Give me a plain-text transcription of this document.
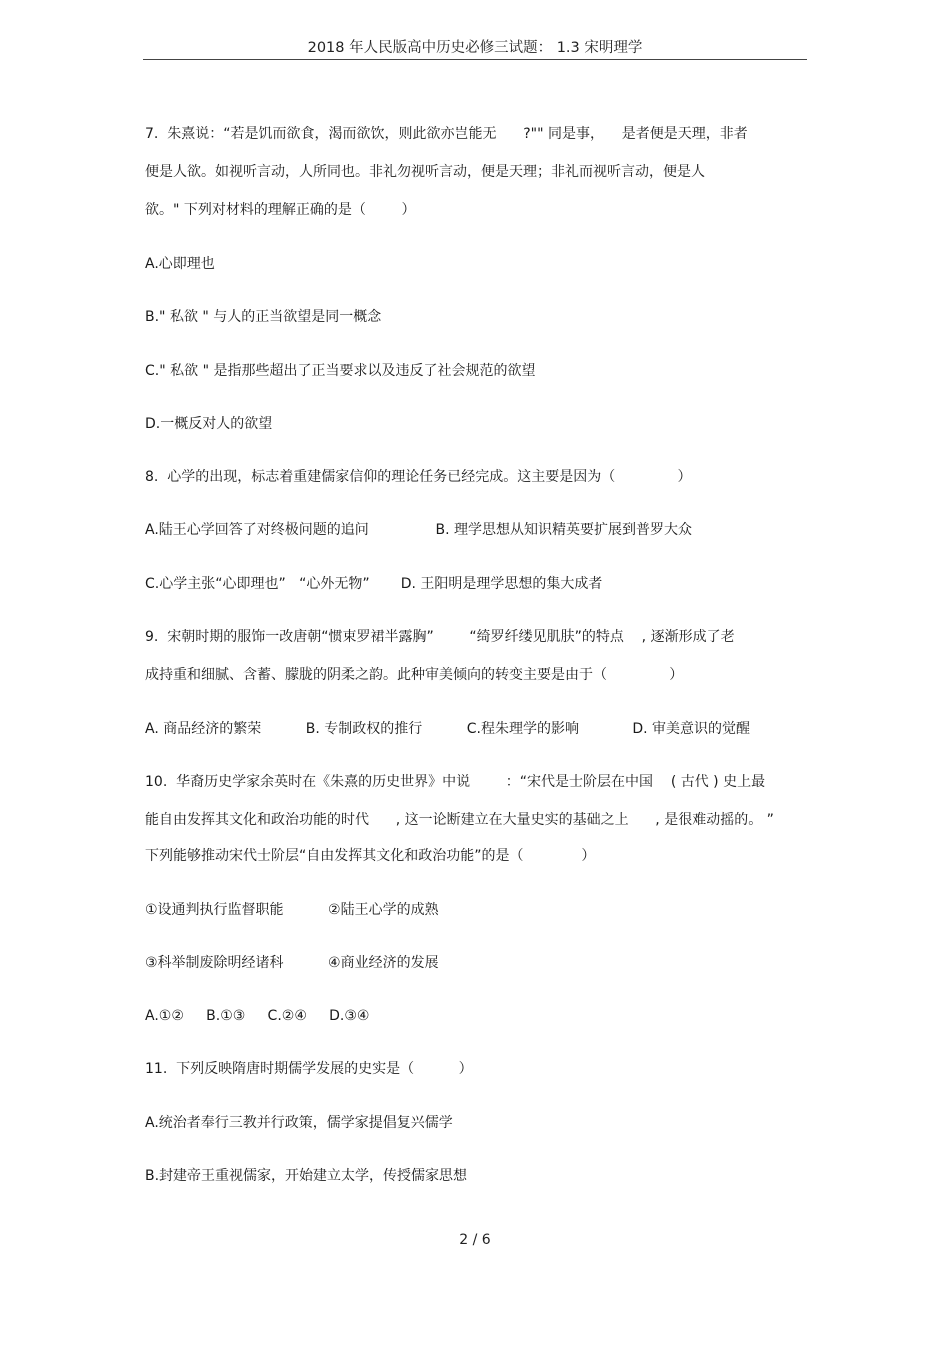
2018 年人民版高中历史必修三试题： 1.3 宋明理学
7.  朱熹说：“若是饥而欲食，渴而欲饮，则此欲亦岂能无      ?"" 同是事，    是者便是天理，非者
便是人欲。如视听言动，人所同也。非礼勿视听言动，便是天理；非礼而视听言动，便是人
欲。" 下列对材料的理解正确的是（        ）
A.心即理也
B." 私欲 " 与人的正当欲望是同一概念
C." 私欲 " 是指那些超出了正当要求以及违反了社会规范的欲望
D.一概反对人的欲望
8.  心学的出现，标志着重建儒家信仰的理论任务已经完成。这主要是因为（              ）
A.陆王心学回答了对终极问题的追问               B. 理学思想从知识精英要扩展到普罗大众
C.心学主张“心即理也”   “心外无物”       D. 王阳明是理学思想的集大成者
9.  宋朝时期的服饰一改唐朝“惯束罗裙半露胸”        “绮罗纤缕见肌肤”的特点    , 逐渐形成了老
成持重和细腻、含蓄、朦胧的阴柔之韵。此种审美倾向的转变主要是由于（              ）
A. 商品经济的繁荣          B. 专制政权的推行          C.程朱理学的影响            D. 审美意识的觉醒
10.  华裔历史学家余英时在《朱熹的历史世界》中说        ：“宋代是士阶层在中国    ( 古代 ) 史上最
能自由发挥其文化和政治功能的时代      , 这一论断建立在大量史实的基础之上      , 是很难动摇的。 ”
下列能够推动宋代士阶层“自由发挥其文化和政治功能”的是（             ）
①设通判执行监督职能          ②陆王心学的成熟
③科举制废除明经诸科          ④商业经济的发展
A.①②     B.①③     C.②④     D.③④
11.  下列反映隋唐时期儒学发展的史实是（          ）
A.统治者奉行三教并行政策，儒学家提倡复兴儒学
B.封建帝王重视儒家，开始建立太学，传授儒家思想
2 / 6
